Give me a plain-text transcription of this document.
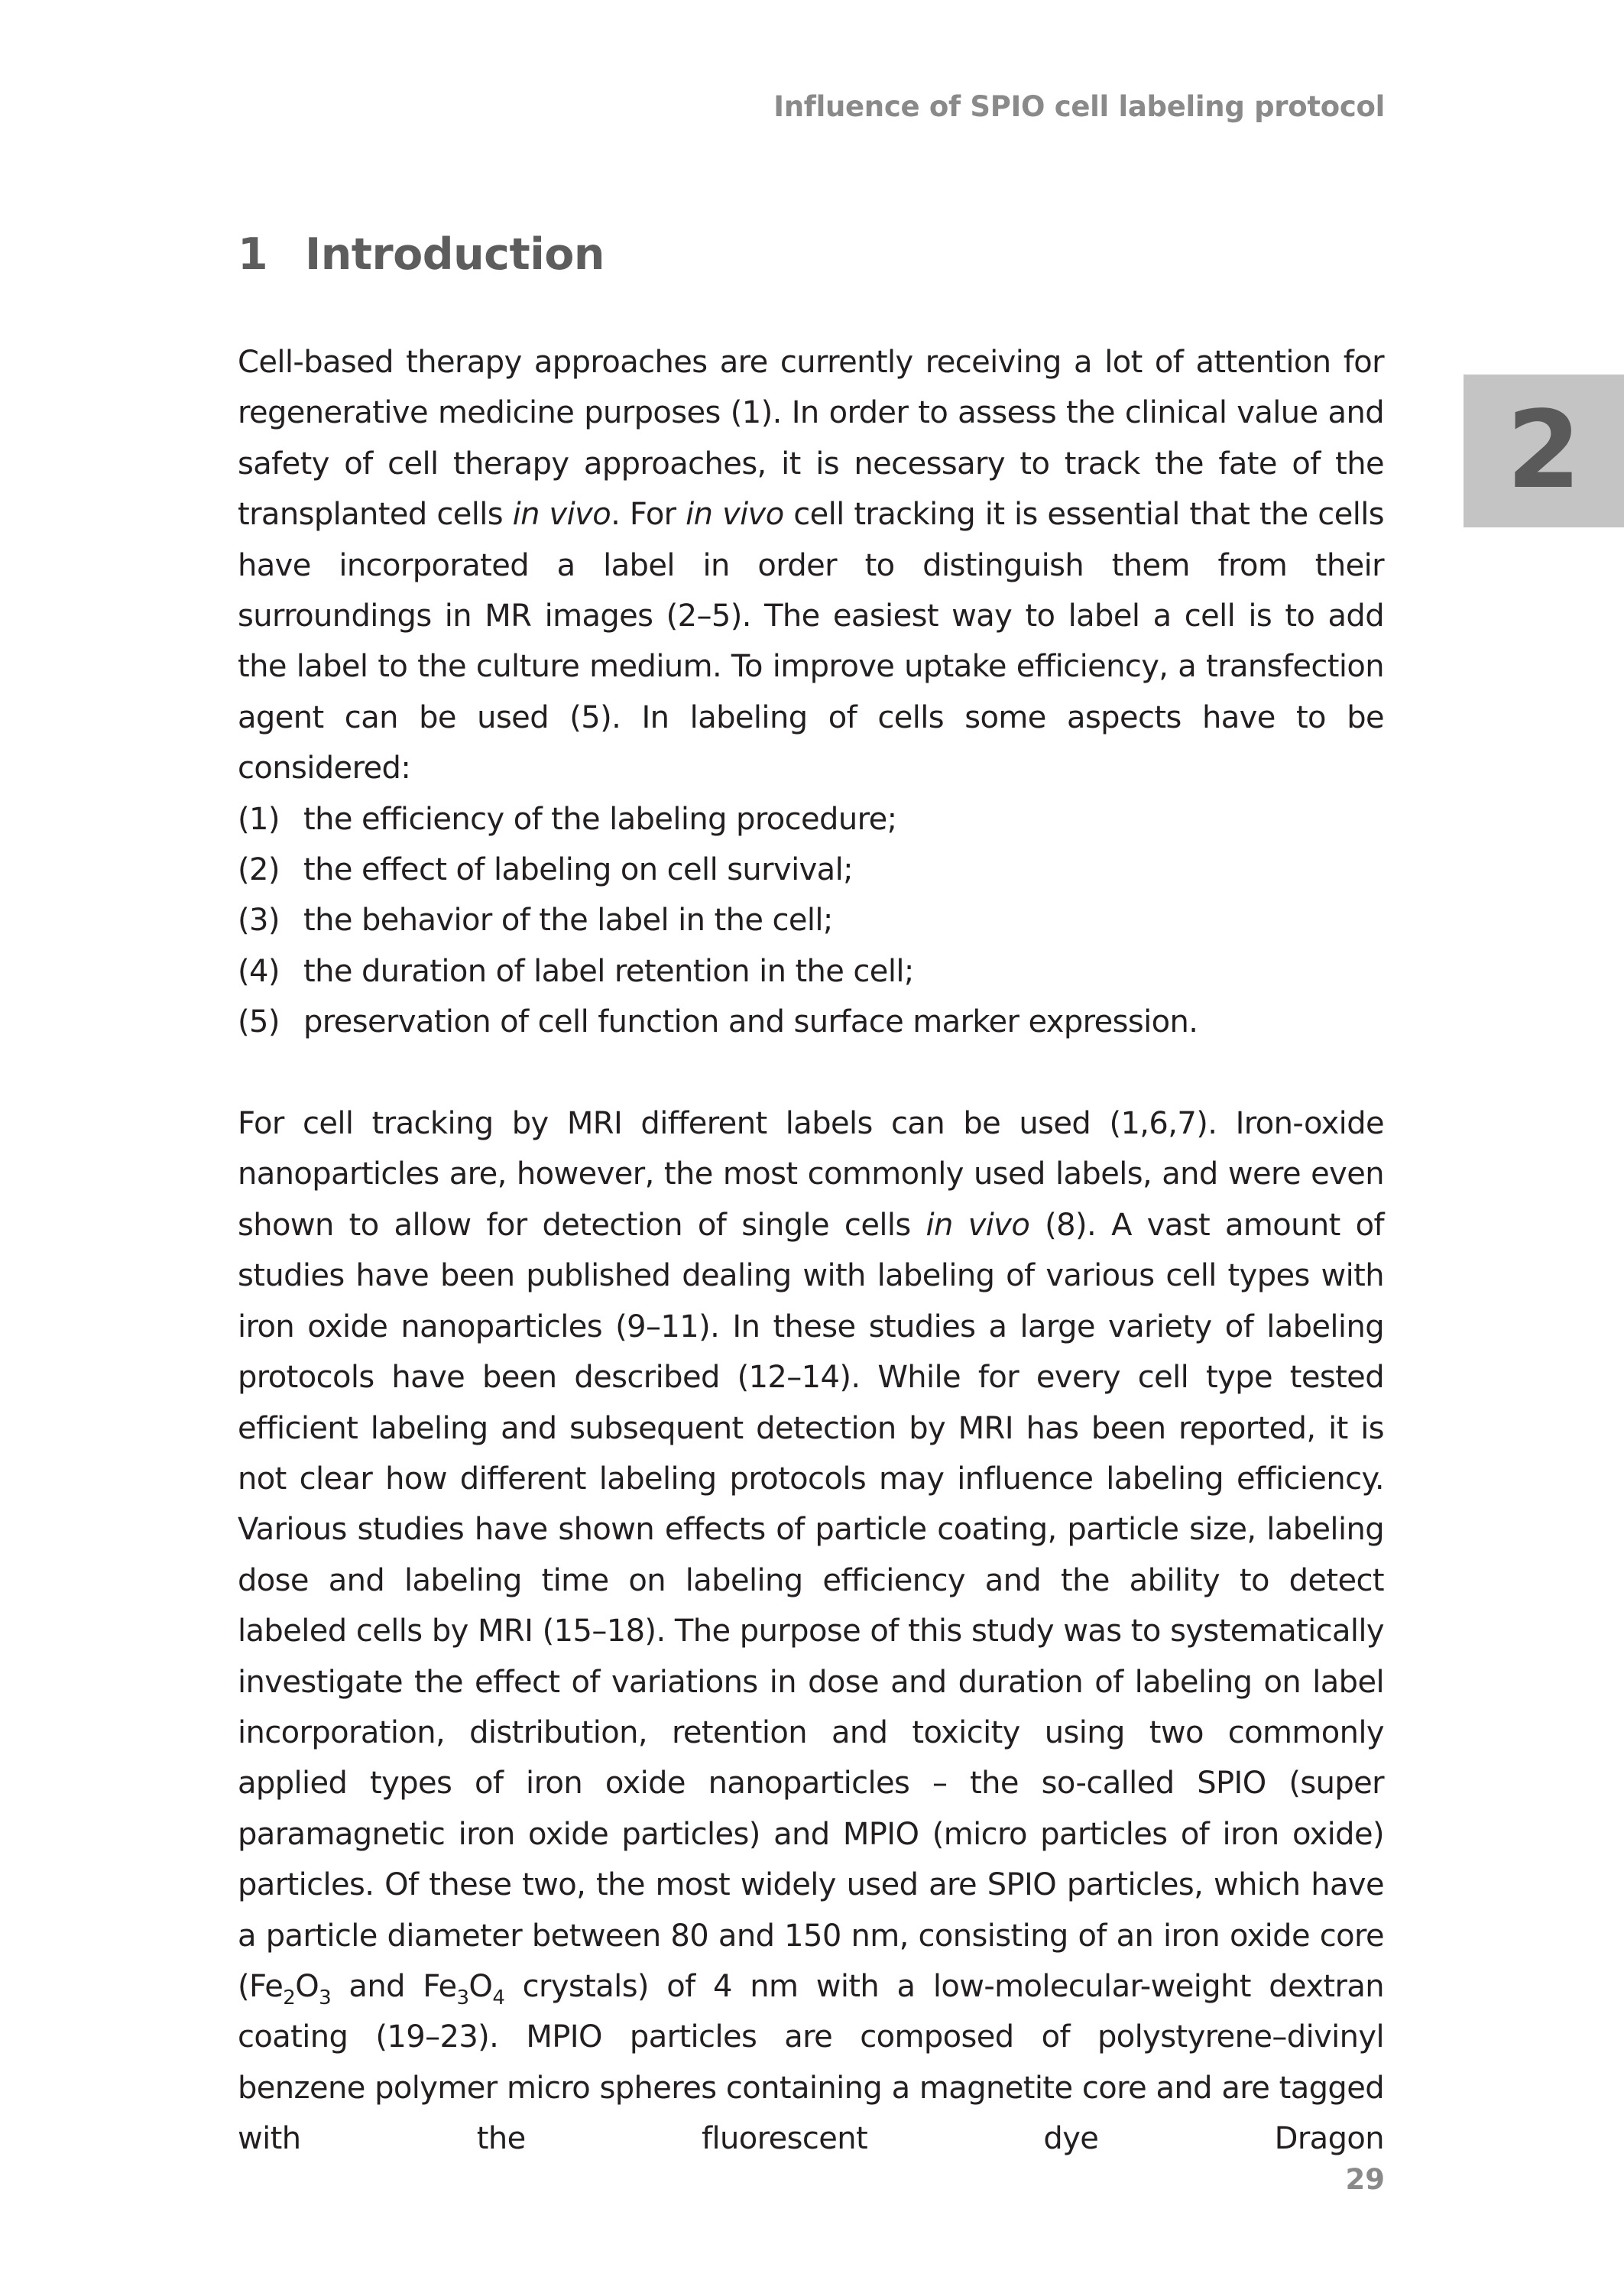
Influence of SPIO cell labeling protocol
2
1 Introduction

Cell-based therapy approaches are currently receiving a lot of attention for regenerative medicine purposes (1). In order to assess the clinical value and safety of cell therapy approaches, it is necessary to track the fate of the transplanted cells in vivo. For in vivo cell tracking it is essential that the cells have incorporated a label in order to distinguish them from their surroundings in MR images (2–5). The easiest way to label a cell is to add the label to the culture medium. To improve uptake efficiency, a transfection agent can be used (5). In labeling of cells some aspects have to be considered:

(1) the efficiency of the labeling procedure;
(2) the effect of labeling on cell survival;
(3) the behavior of the label in the cell;
(4) the duration of label retention in the cell;
(5) preservation of cell function and surface marker expression.

For cell tracking by MRI different labels can be used (1,6,7). Iron-oxide nanoparticles are, however, the most commonly used labels, and were even shown to allow for detection of single cells in vivo (8). A vast amount of studies have been published dealing with labeling of various cell types with iron oxide nanoparticles (9–11). In these studies a large variety of labeling protocols have been described (12–14). While for every cell type tested efficient labeling and subsequent detection by MRI has been reported, it is not clear how different labeling protocols may influence labeling efficiency. Various studies have shown effects of particle coating, particle size, labeling dose and labeling time on labeling efficiency and the ability to detect labeled cells by MRI (15–18). The purpose of this study was to systematically investigate the effect of variations in dose and duration of labeling on label incorporation, distribution, retention and toxicity using two commonly applied types of iron oxide nanoparticles – the so-called SPIO (super paramagnetic iron oxide particles) and MPIO (micro particles of iron oxide) particles. Of these two, the most widely used are SPIO particles, which have a particle diameter between 80 and 150 nm, consisting of an iron oxide core ($Fe_2O_3$ and $Fe_3O_4$ crystals) of 4 nm with a low-molecular-weight dextran coating (19–23). MPIO particles are composed of polystyrene–divinyl benzene polymer micro spheres containing a magnetite core and are tagged with the fluorescent dye Dragon

29
